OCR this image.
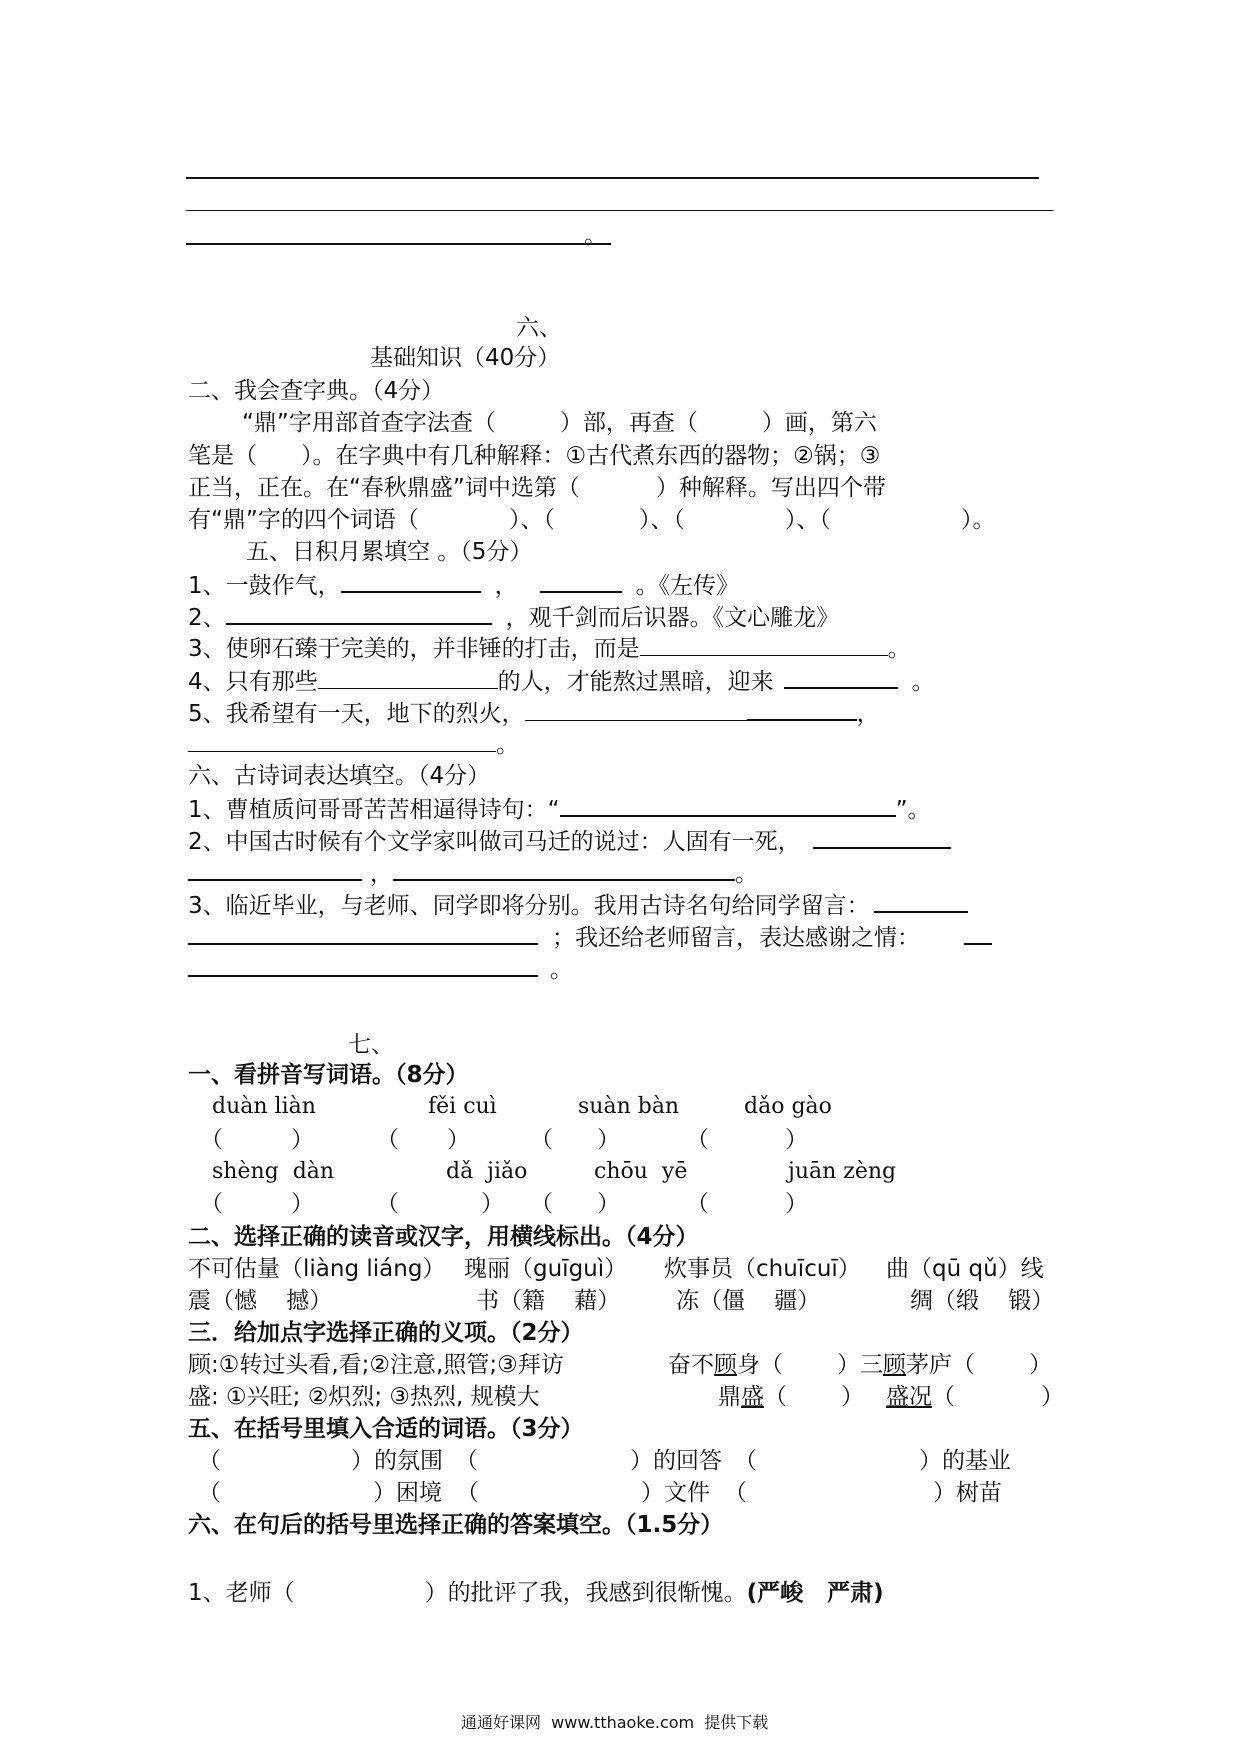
。
六、
基础知识（40分）
二、我会查字典。（4分）
“鼎”字用部首查字法查（	）部，再查（	）画，第六
笔是（ ）。在字典中有几种解释：①古代煮东西的器物；②锅；③
正当，正在。在“春秋鼎盛”词中选第（	）种解释。写出四个带
有“鼎”字的四个词语（	）、（	）、（	）、（	）。
五、日积月累填空 。（5分）
1、一鼓作气，	，	。《左传》
2、	，观千剑而后识器。《文心雕龙》
3、使卵石臻于完美的，并非锤的打击，而是	。
4、只有那些	的人，才能熬过黑暗，迎来	。
5、我希望有一天，地下的烈火，	，
。
六、古诗词表达填空。（4分）
1、曹植质问哥哥苦苦相逼得诗句：“	”。
2、中国古时候有个文学家叫做司马迁的说过：人固有一死，
，	。
3、临近毕业，与老师、同学即将分别。我用古诗名句给同学留言：
；我还给老师留言，表达感谢之情：
。
七、
一、看拼音写词语。（8分）
duàn liàn	fěi cuì	suàn bàn	dǎo gào
（	）	（ ）	（ ）	（	）
shèng  dàn	dǎ  jiǎo	chōu  yē	juān zèng
（	）	（	） （ ）	（	）
二、选择正确的读音或汉字，用横线标出。（4分）
不可估量（liàng liáng） 瑰丽（guīguì） 炊事员（chuīcuī） 曲（qū qǔ）线
震（憾    撼）	书（籍    藉） 冻（僵    疆）	绸（缎    锻）
三．给加点字选择正确的义项。（2分）
顾:①转过头看,看;②注意,照管;③拜访	奋不顾身（ ）三顾茅庐（ ）
盛: ①兴旺; ②炽烈; ③热烈, 规模大	鼎盛（ ） 盛况（	）
五、在括号里填入合适的词语。（3分）
（	）的氛围 （	）的回答 （	）的基业
（	）困境 （	）文件 （	）树苗
六、在句后的括号里选择正确的答案填空。（1.5分）
1、老师（	）的批评了我，我感到很惭愧。(严峻   严肃)
通通好课网  www.tthaoke.com  提供下载
